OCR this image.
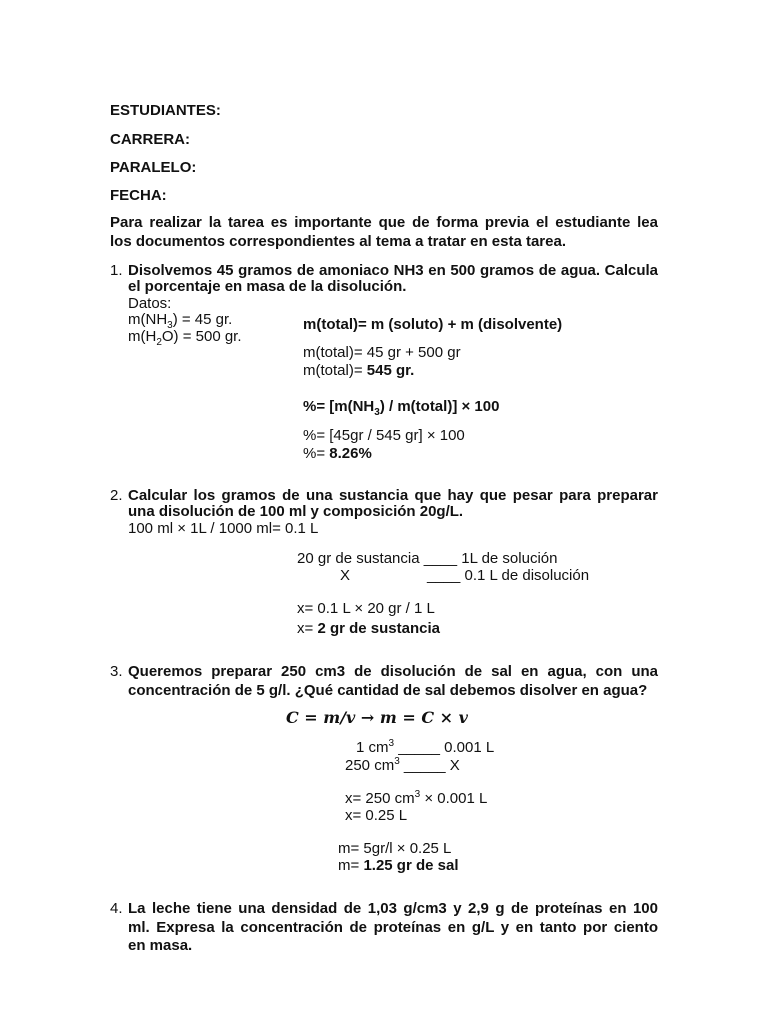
ESTUDIANTES:
CARRERA:
PARALELO:
FECHA:
Para realizar la tarea es importante que de forma previa el estudiante lea
los documentos correspondientes al tema a tratar en esta tarea.
1. Disolvemos 45 gramos de amoniaco NH3 en 500 gramos de agua. Calcula
el porcentaje en masa de la disolución.
Datos:
$m(NH_3) = 45$ gr.
$m(H_2O) = 500$ gr.
m(total)= m (soluto) + m (disolvente)
m(total)= 45 gr + 500 gr
m(total)= 545 gr.
%= [$m(NH_3)$ / m(total)] × 100
%= [45gr / 545 gr] × 100
%= 8.26%
2. Calcular los gramos de una sustancia que hay que pesar para preparar
una disolución de 100 ml y composición 20g/L.
100 ml × 1L / 1000 ml= 0.1 L
20 gr de sustancia ____ 1L de solución
X	____ 0.1 L de disolución
x= 0.1 L × 20 gr / 1 L
x= 2 gr de sustancia
3. Queremos preparar 250 cm3 de disolución de sal en agua, con una
concentración de 5 g/l. ¿Qué cantidad de sal debemos disolver en agua?
C = m/v → m = C × v
1 $cm^3$ _____ 0.001 L
250 $cm^3$ _____ X
x= 250 $cm^3 \times 0.001$ L
x= 0.25 L
m= 5gr/l × 0.25 L
m= 1.25 gr de sal
4. La leche tiene una densidad de 1,03 g/cm3 y 2,9 g de proteínas en 100
ml. Expresa la concentración de proteínas en g/L y en tanto por ciento
en masa.
